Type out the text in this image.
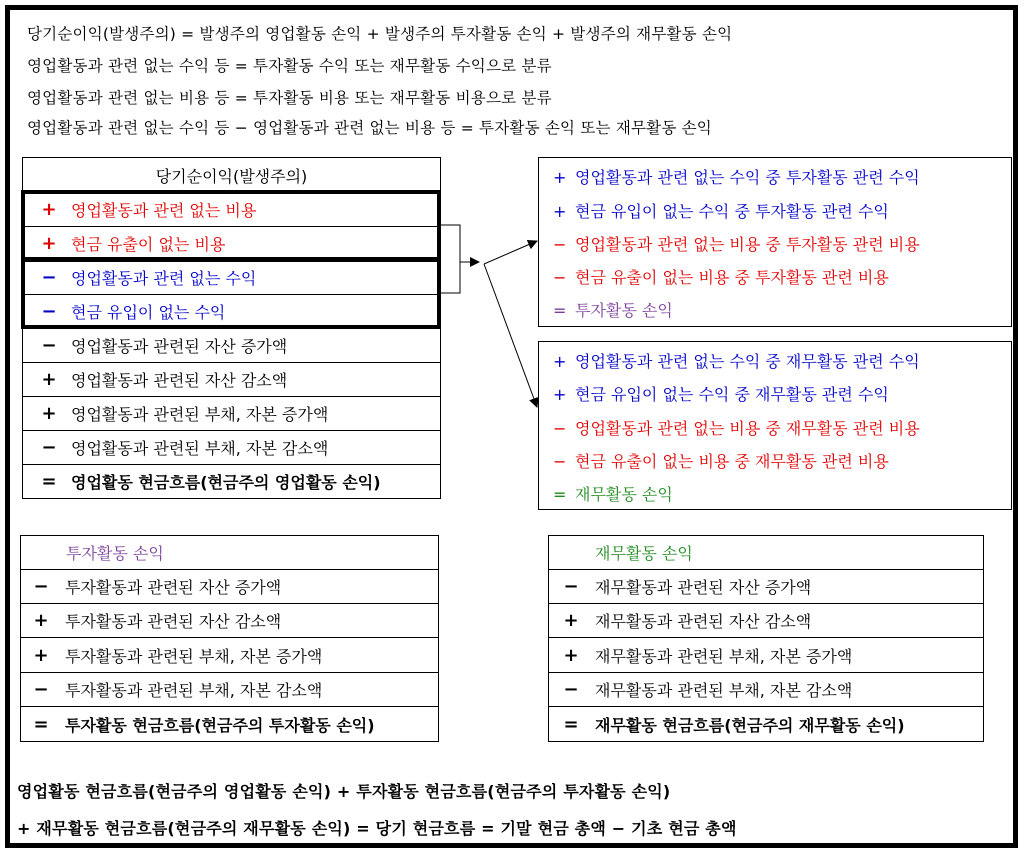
당기순이익(발생주의) = 발생주의 영업활동 손익 + 발생주의 투자활동 손익 + 발생주의 재무활동 손익
영업활동과 관련 없는 수익 등 = 투자활동 수익 또는 재무활동 수익으로 분류
영업활동과 관련 없는 비용 등 = 투자활동 비용 또는 재무활동 비용으로 분류
영업활동과 관련 없는 수익 등 − 영업활동과 관련 없는 비용 등 = 투자활동 손익 또는 재무활동 손익
당기순이익(발생주의)
+ 영업활동과 관련 없는 비용
+ 현금 유출이 없는 비용
− 영업활동과 관련 없는 수익
− 현금 유입이 없는 수익
− 영업활동과 관련된 자산 증가액
+ 영업활동과 관련된 자산 감소액
+ 영업활동과 관련된 부채, 자본 증가액
− 영업활동과 관련된 부채, 자본 감소액
= 영업활동 현금흐름(현금주의 영업활동 손익)
+ 영업활동과 관련 없는 수익 중 투자활동 관련 수익
+ 현금 유입이 없는 수익 중 투자활동 관련 수익
− 영업활동과 관련 없는 비용 중 투자활동 관련 비용
− 현금 유출이 없는 비용 중 투자활동 관련 비용
= 투자활동 손익
+ 영업활동과 관련 없는 수익 중 재무활동 관련 수익
+ 현금 유입이 없는 수익 중 재무활동 관련 수익
− 영업활동과 관련 없는 비용 중 재무활동 관련 비용
− 현금 유출이 없는 비용 중 재무활동 관련 비용
= 재무활동 손익
투자활동 손익
− 투자활동과 관련된 자산 증가액
+ 투자활동과 관련된 자산 감소액
+ 투자활동과 관련된 부채, 자본 증가액
− 투자활동과 관련된 부채, 자본 감소액
= 투자활동 현금흐름(현금주의 투자활동 손익)
재무활동 손익
− 재무활동과 관련된 자산 증가액
+ 재무활동과 관련된 자산 감소액
+ 재무활동과 관련된 부채, 자본 증가액
− 재무활동과 관련된 부채, 자본 감소액
= 재무활동 현금흐름(현금주의 재무활동 손익)
영업활동 현금흐름(현금주의 영업활동 손익) + 투자활동 현금흐름(현금주의 투자활동 손익)
+ 재무활동 현금흐름(현금주의 재무활동 손익) = 당기 현금흐름 = 기말 현금 총액 − 기초 현금 총액
